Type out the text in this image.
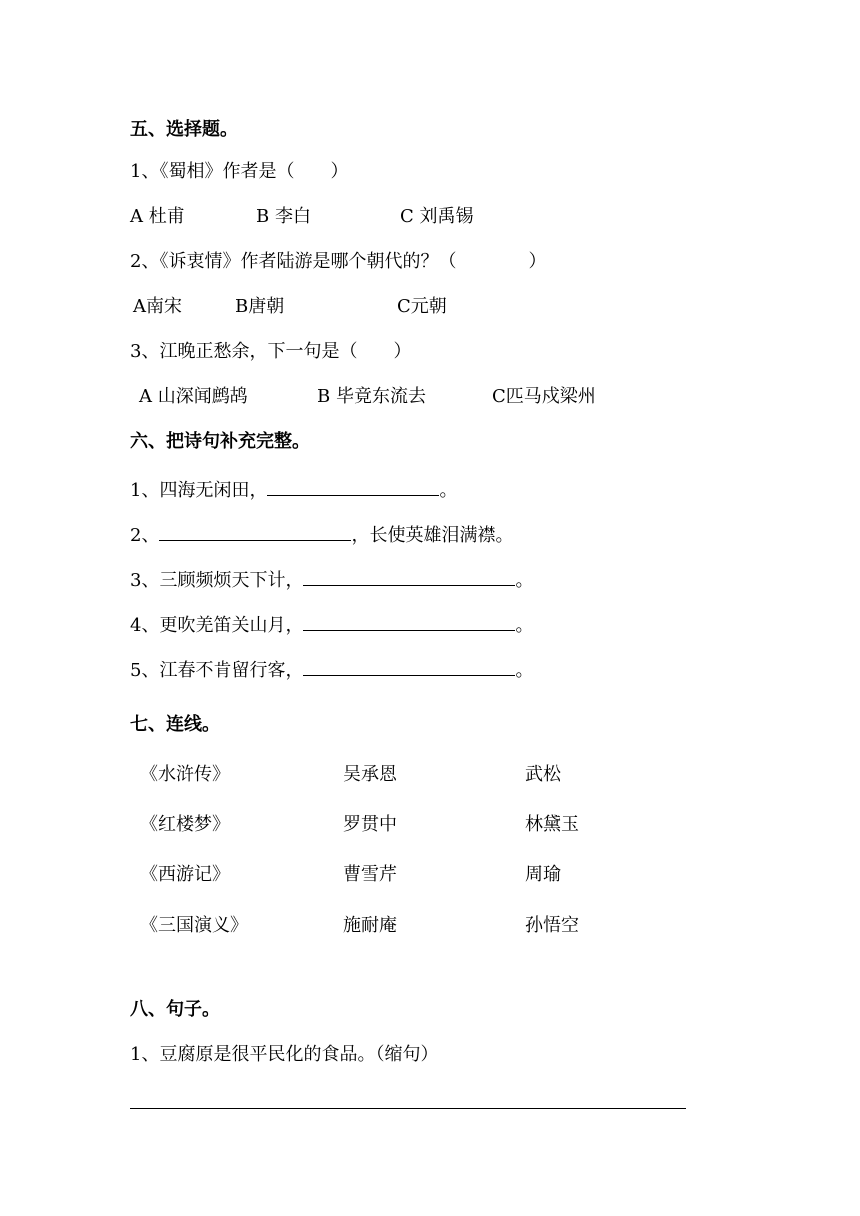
五、选择题。
1、《蜀相》作者是（　　）
A 杜甫	B 李白	C 刘禹锡
2、《诉衷情》作者陆游是哪个朝代的？（　　　　）
A南宋	B唐朝	C元朝
3、江晚正愁余，下一句是（　　）
A 山深闻鹧鸪	B 毕竟东流去	C匹马戍梁州
六、把诗句补充完整。
1、四海无闲田，	。
2、	，长使英雄泪满襟。
3、三顾频烦天下计，	。
4、更吹羌笛关山月，	。
5、江春不肯留行客，	。
七、连线。
《水浒传》	吴承恩	武松
《红楼梦》	罗贯中	林黛玉
《西游记》	曹雪芹	周瑜
《三国演义》	施耐庵	孙悟空
八、句子。
1、豆腐原是很平民化的食品。（缩句）
